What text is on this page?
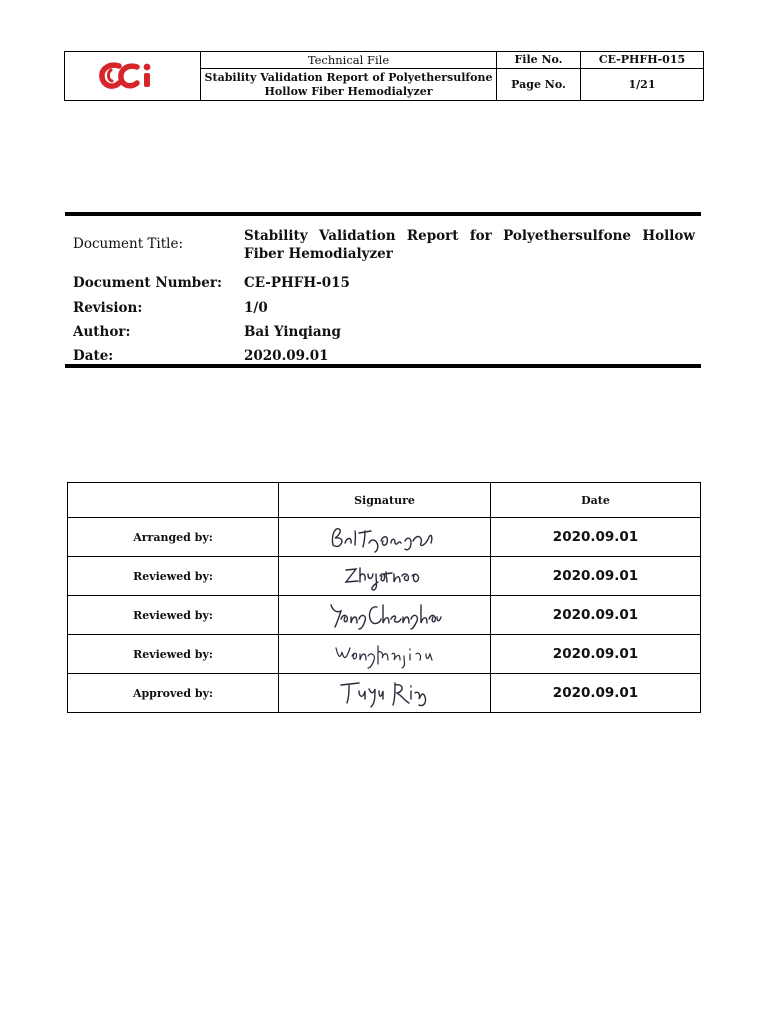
Technical File	File No.	CE-PHFH-015
Stability Validation Report of Polyethersulfone
Hollow Fiber Hemodialyzer
Page No.	1/21
Document Title:	Stability Validation Report for Polyethersulfone Hollow Fiber Hemodialyzer
Document Number:	CE-PHFH-015
Revision:	1/0
Author:	Bai Yinqiang
Date:	2020.09.01
	Signature	Date
Arranged by:		2020.09.01
Reviewed by:		2020.09.01
Reviewed by:		2020.09.01
Reviewed by:		2020.09.01
Approved by:		2020.09.01
